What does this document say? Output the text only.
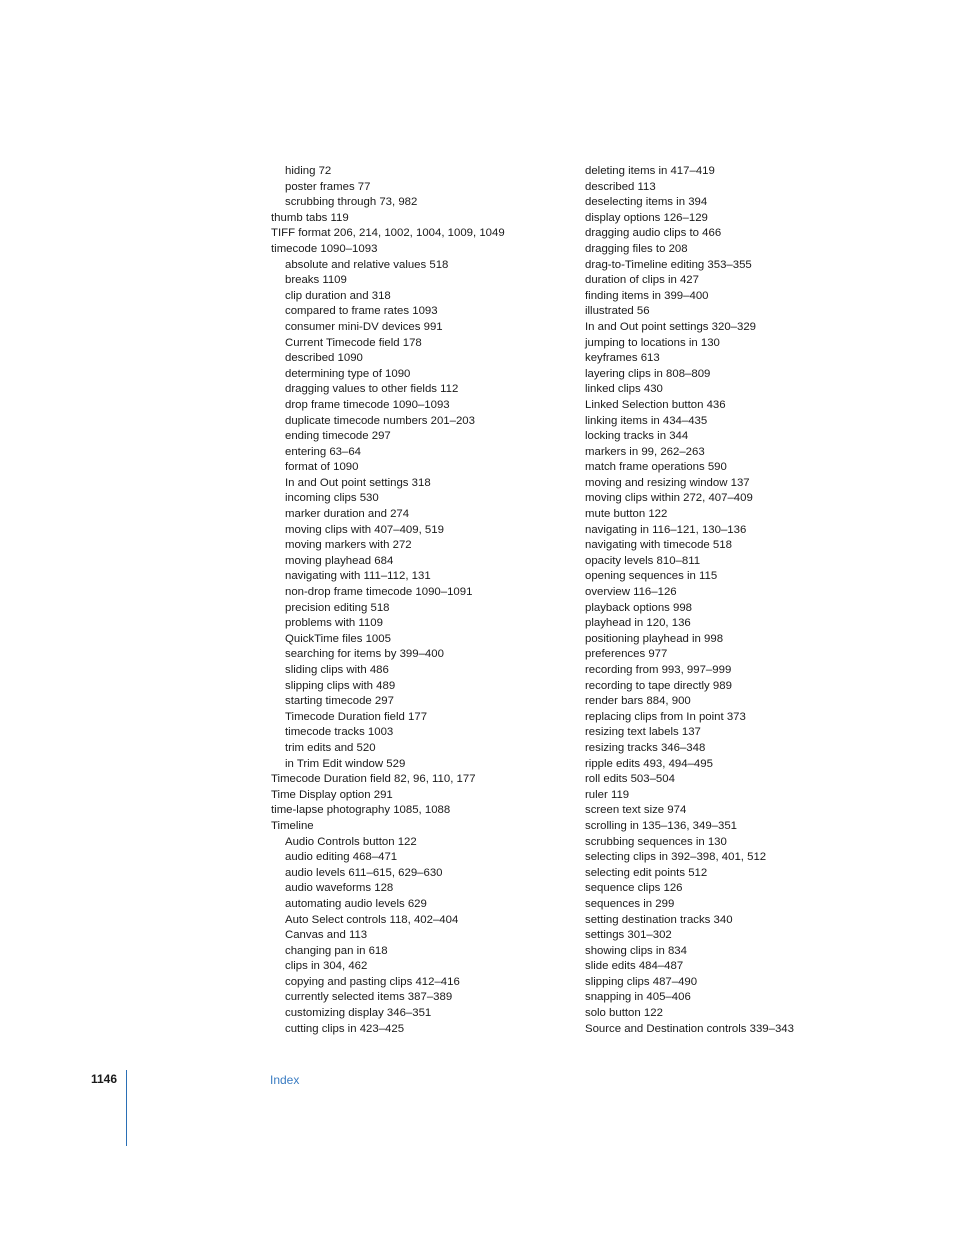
hiding 72
poster frames 77
scrubbing through 73, 982
thumb tabs 119
TIFF format 206, 214, 1002, 1004, 1009, 1049
timecode 1090–1093
absolute and relative values 518
breaks 1109
clip duration and 318
compared to frame rates 1093
consumer mini-DV devices 991
Current Timecode field 178
described 1090
determining type of 1090
dragging values to other fields 112
drop frame timecode 1090–1093
duplicate timecode numbers 201–203
ending timecode 297
entering 63–64
format of 1090
In and Out point settings 318
incoming clips 530
marker duration and 274
moving clips with 407–409, 519
moving markers with 272
moving playhead 684
navigating with 111–112, 131
non-drop frame timecode 1090–1091
precision editing 518
problems with 1109
QuickTime files 1005
searching for items by 399–400
sliding clips with 486
slipping clips with 489
starting timecode 297
Timecode Duration field 177
timecode tracks 1003
trim edits and 520
in Trim Edit window 529
Timecode Duration field 82, 96, 110, 177
Time Display option 291
time-lapse photography 1085, 1088
Timeline
Audio Controls button 122
audio editing 468–471
audio levels 611–615, 629–630
audio waveforms 128
automating audio levels 629
Auto Select controls 118, 402–404
Canvas and 113
changing pan in 618
clips in 304, 462
copying and pasting clips 412–416
currently selected items 387–389
customizing display 346–351
cutting clips in 423–425
deleting items in 417–419
described 113
deselecting items in 394
display options 126–129
dragging audio clips to 466
dragging files to 208
drag-to-Timeline editing 353–355
duration of clips in 427
finding items in 399–400
illustrated 56
In and Out point settings 320–329
jumping to locations in 130
keyframes 613
layering clips in 808–809
linked clips 430
Linked Selection button 436
linking items in 434–435
locking tracks in 344
markers in 99, 262–263
match frame operations 590
moving and resizing window 137
moving clips within 272, 407–409
mute button 122
navigating in 116–121, 130–136
navigating with timecode 518
opacity levels 810–811
opening sequences in 115
overview 116–126
playback options 998
playhead in 120, 136
positioning playhead in 998
preferences 977
recording from 993, 997–999
recording to tape directly 989
render bars 884, 900
replacing clips from In point 373
resizing text labels 137
resizing tracks 346–348
ripple edits 493, 494–495
roll edits 503–504
ruler 119
screen text size 974
scrolling in 135–136, 349–351
scrubbing sequences in 130
selecting clips in 392–398, 401, 512
selecting edit points 512
sequence clips 126
sequences in 299
setting destination tracks 340
settings 301–302
showing clips in 834
slide edits 484–487
slipping clips 487–490
snapping in 405–406
solo button 122
Source and Destination controls 339–343
1146	Index
